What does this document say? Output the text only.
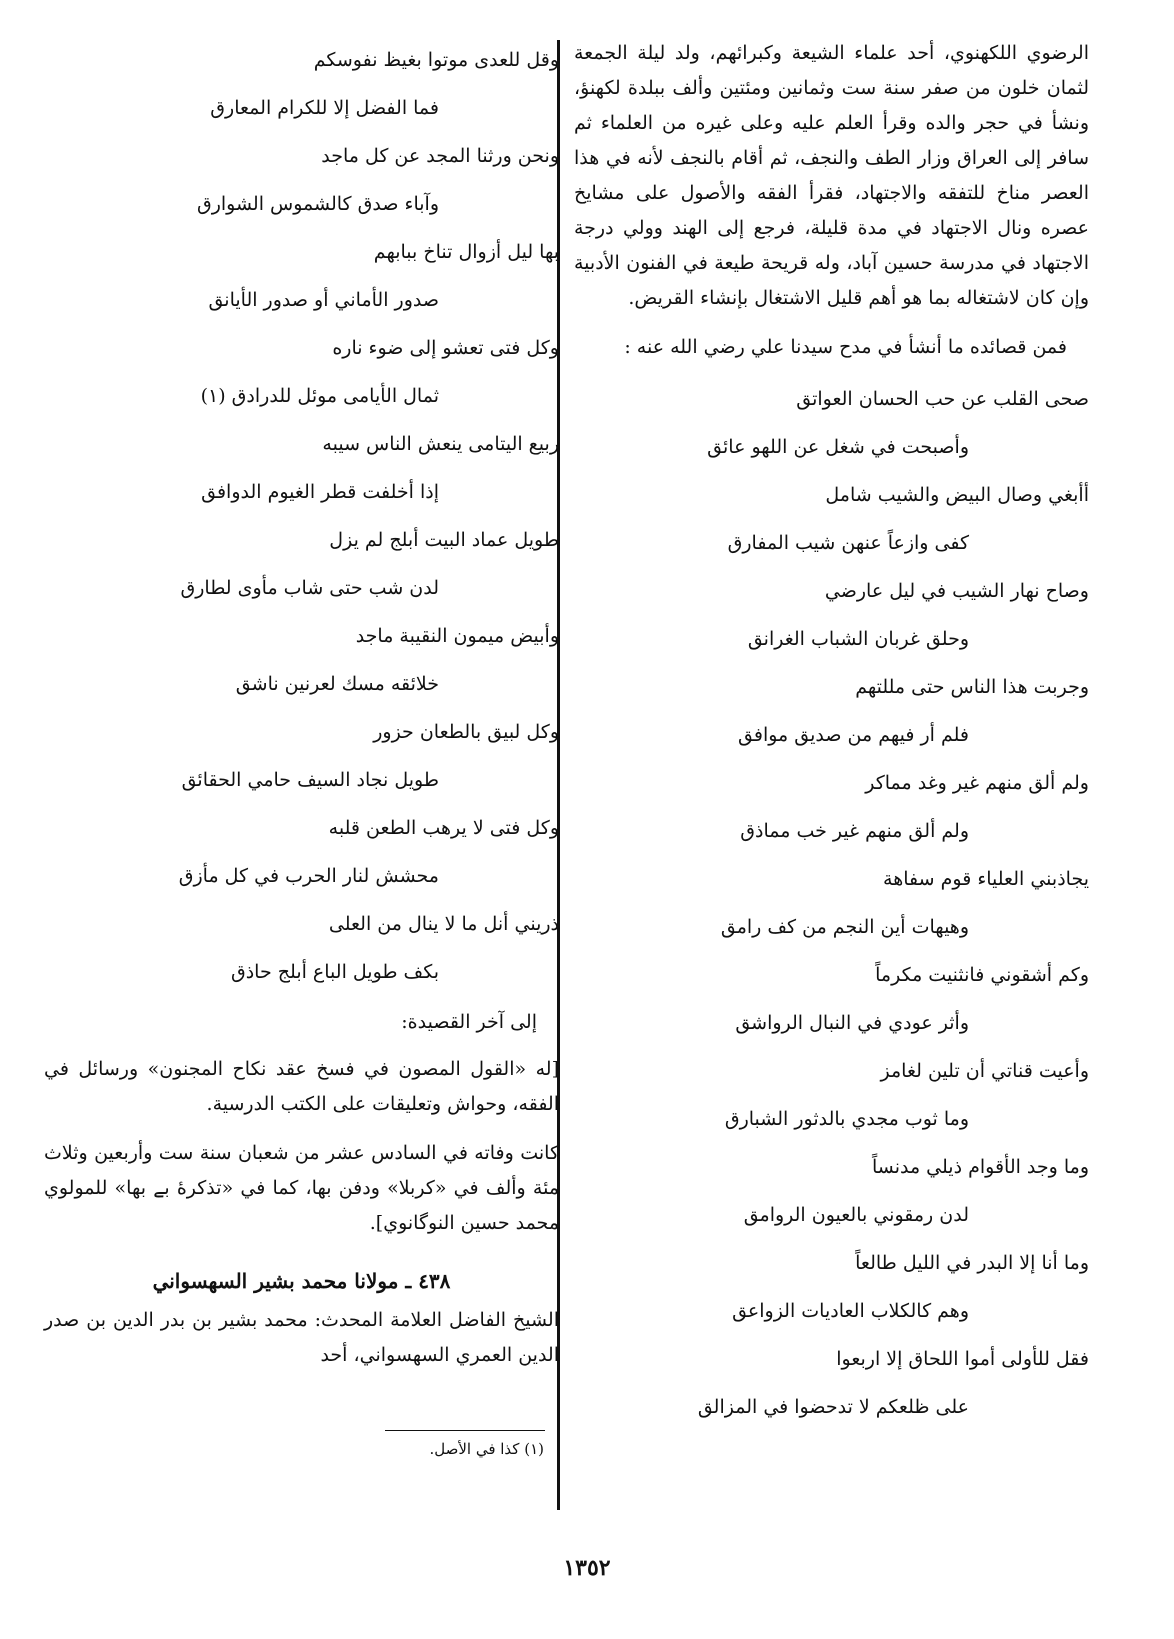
الرضوي اللكهنوي، أحد علماء الشيعة وكبرائهم، ولد ليلة الجمعة لثمان خلون من صفر سنة ست وثمانين ومئتين وألف ببلدة لكهنؤ، ونشأ في حجر والده وقرأ العلم عليه وعلى غيره من العلماء ثم سافر إلى العراق وزار الطف والنجف، ثم أقام بالنجف لأنه في هذا العصر مناخ للتفقه والاجتهاد، فقرأ الفقه والأصول على مشايخ عصره ونال الاجتهاد في مدة قليلة، فرجع إلى الهند وولي درجة الاجتهاد في مدرسة حسين آباد، وله قريحة طيعة في الفنون الأدبية وإن كان لاشتغاله بما هو أهم قليل الاشتغال بإنشاء القريض.

فمن قصائده ما أنشأ في مدح سيدنا علي رضي الله عنه :
صحى القلب عن حب الحسان العواتق
وأصبحت في شغل عن اللهو عائق
أأبغي وصال البيض والشيب شامل
كفى وازعاً عنهن شيب المفارق
وصاح نهار الشيب في ليل عارضي
وحلق غربان الشباب الغرانق
وجربت هذا الناس حتى مللتهم
فلم أر فيهم من صديق موافق
ولم ألق منهم غير وغد مماكر
ولم ألق منهم غير خب مماذق
يجاذبني العلياء قوم سفاهة
وهيهات أين النجم من كف رامق
وكم أشقوني فانثنيت مكرماً
وأثر عودي في النبال الرواشق
وأعيت قناتي أن تلين لغامز
وما ثوب مجدي بالدثور الشبارق
وما وجد الأقوام ذيلي مدنساً
لدن رمقوني بالعيون الروامق
وما أنا إلا البدر في الليل طالعاً
وهم كالكلاب العاديات الزواعق
فقل للأولى أموا اللحاق إلا اربعوا
على ظلعكم لا تدحضوا في المزالق
وقل للعدى موتوا بغيظ نفوسكم
فما الفضل إلا للكرام المعارق
ونحن ورثنا المجد عن كل ماجد
وآباء صدق كالشموس الشوارق
بها ليل أزوال تناخ ببابهم
صدور الأماني أو صدور الأيانق
وكل فتى تعشو إلى ضوء ناره
ثمال الأيامى موئل للدرادق (١)
ربيع اليتامى ينعش الناس سيبه
إذا أخلفت قطر الغيوم الدوافق
طويل عماد البيت أبلج لم يزل
لدن شب حتى شاب مأوى لطارق
وأبيض ميمون النقيبة ماجد
خلائقه مسك لعرنين ناشق
وكل لبيق بالطعان حزور
طويل نجاد السيف حامي الحقائق
وكل فتى لا يرهب الطعن قلبه
محشش لنار الحرب في كل مأزق
ذريني أنل ما لا ينال من العلى
بكف طويل الباع أبلج حاذق
إلى آخر القصيدة:

[له «القول المصون في فسخ عقد نكاح المجنون» ورسائل في الفقه، وحواش وتعليقات على الكتب الدرسية.

كانت وفاته في السادس عشر من شعبان سنة ست وأربعين وثلاث مئة وألف في «كربلا» ودفن بها، كما في «تذكرهٔ بے بها» للمولوي محمد حسين النوگانوي].

٤٣٨ ـ مولانا محمد بشير السهسواني

الشيخ الفاضل العلامة المحدث: محمد بشير بن بدر الدين بن صدر الدين العمري السهسواني، أحد

(١) كذا في الأصل.
١٣٥٢
